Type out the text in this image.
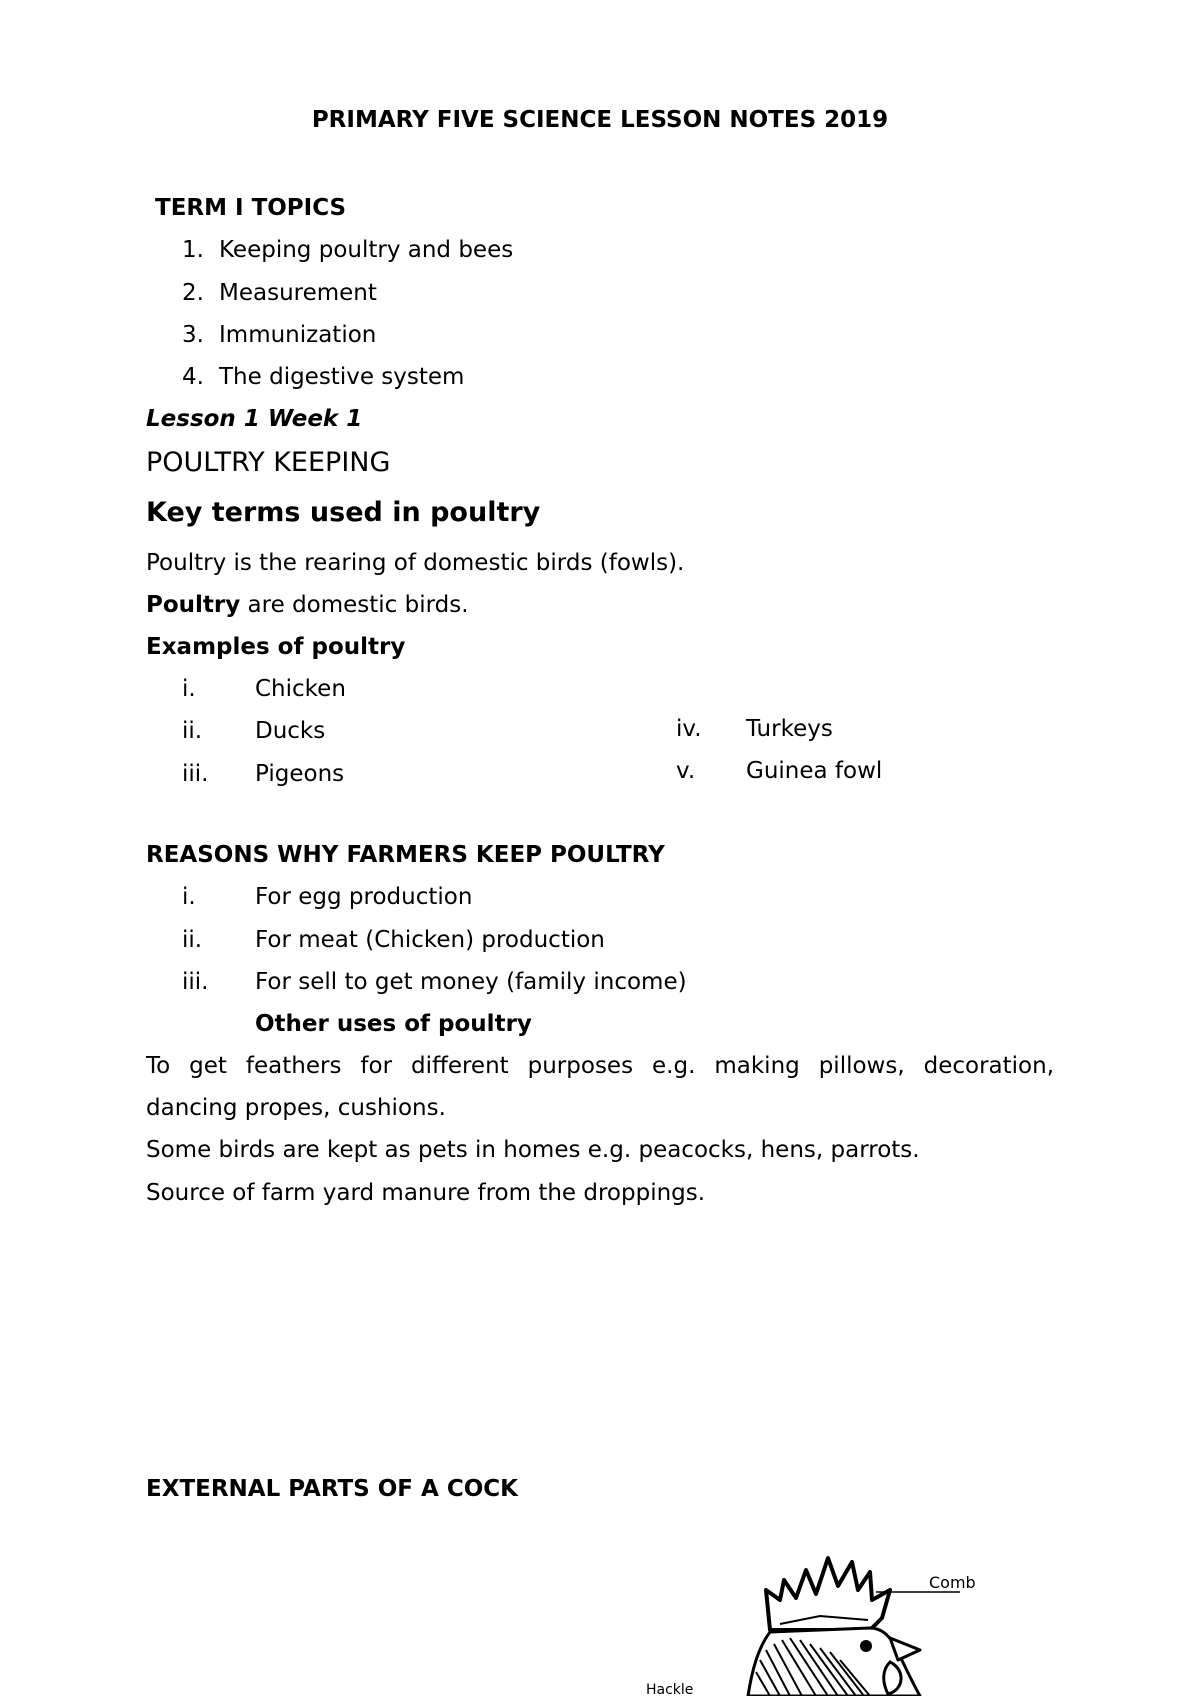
PRIMARY FIVE SCIENCE LESSON NOTES 2019
TERM I TOPICS
1. Keeping poultry and bees
2. Measurement
3. Immunization
4. The digestive system
Lesson 1 Week 1
POULTRY KEEPING
Key terms used in poultry
Poultry is the rearing of domestic birds (fowls).
Poultry are domestic birds.
Examples of poultry
i.	Chicken
ii. Ducks
iii. Pigeons
iv. Turkeys
v. Guinea fowl
REASONS WHY FARMERS KEEP POULTRY
i.	For egg production
ii. For meat (Chicken) production
iii. For sell to get money (family income)
Other uses of poultry
To get feathers for different purposes e.g. making pillows, decoration,
dancing propes, cushions.
Some birds are kept as pets in homes e.g. peacocks, hens, parrots.
Source of farm yard manure from the droppings.
EXTERNAL PARTS OF A COCK
Comb
Hackle
